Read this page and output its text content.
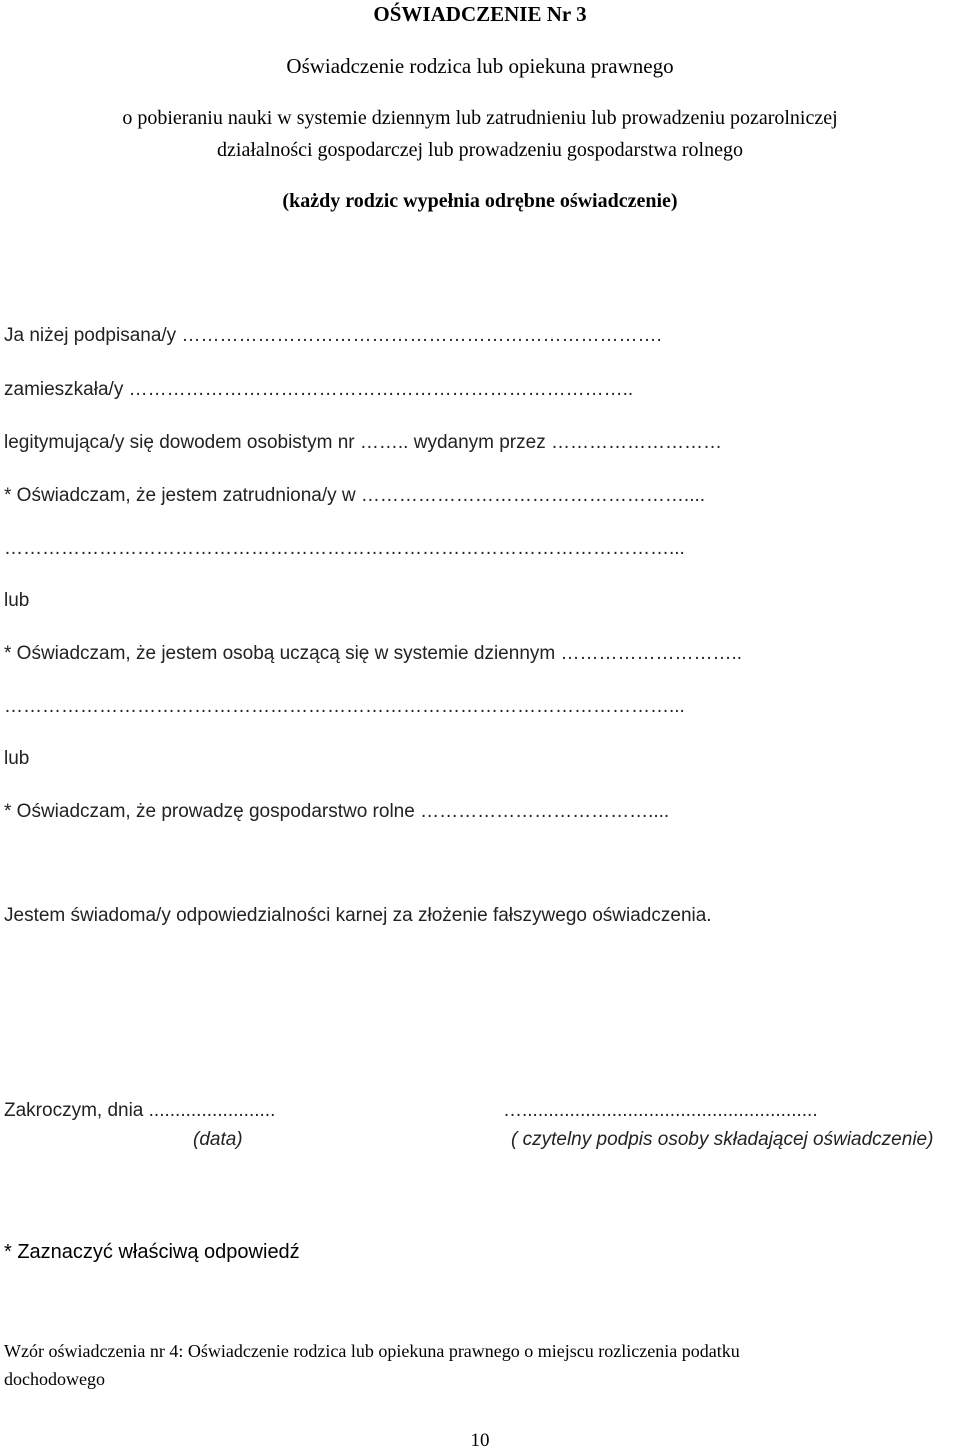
OŚWIADCZENIE Nr 3
Oświadczenie rodzica lub opiekuna prawnego
o pobieraniu nauki w systemie dziennym lub zatrudnieniu lub prowadzeniu pozarolniczej
działalności gospodarczej lub prowadzeniu gospodarstwa rolnego
(każdy rodzic wypełnia odrębne oświadczenie)
Ja niżej podpisana/y ………………………………………………………………….
zamieszkała/y ……………………………………………………………………..
legitymująca/y się dowodem osobistym nr …….. wydanym przez ………………………
* Oświadczam, że jestem zatrudniona/y w ……………………………………………....
……………………………………………………………………………………………...
lub
* Oświadczam, że jestem osobą uczącą się w systemie dziennym ………………………..
……………………………………………………………………………………………...
lub
* Oświadczam, że prowadzę gospodarstwo rolne ………………………………....
Jestem świadoma/y odpowiedzialności karnej za złożenie fałszywego oświadczenia.
Zakroczym, dnia ........................	…........................................................
(data)	( czytelny podpis osoby składającej oświadczenie)
* Zaznaczyć właściwą odpowiedź
Wzór oświadczenia nr 4: Oświadczenie rodzica lub opiekuna prawnego o miejscu rozliczenia podatku
dochodowego
10
